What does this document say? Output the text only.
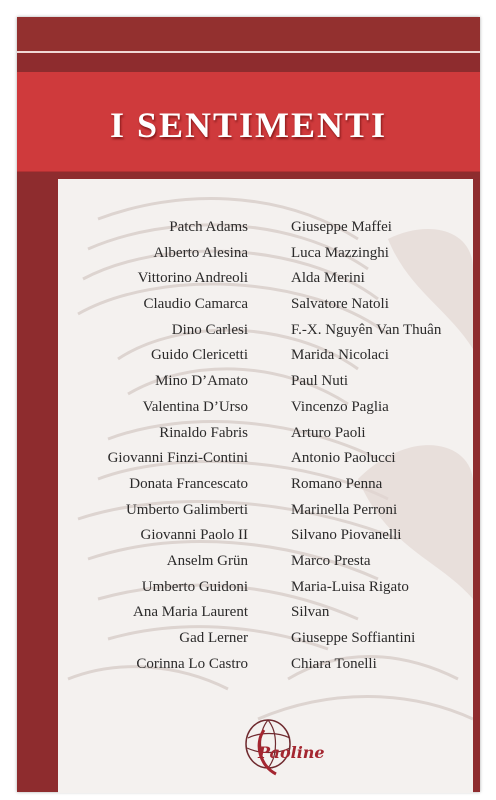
I SENTIMENTI
Patch Adams	Giuseppe Maffei
Alberto Alesina	Luca Mazzinghi
Vittorino Andreoli	Alda Merini
Claudio Camarca	Salvatore Natoli
Dino Carlesi	F.-X. Nguyên Van Thuân
Guido Clericetti	Marida Nicolaci
Mino D’Amato	Paul Nuti
Valentina D’Urso	Vincenzo Paglia
Rinaldo Fabris	Arturo Paoli
Giovanni Finzi-Contini	Antonio Paolucci
Donata Francescato	Romano Penna
Umberto Galimberti	Marinella Perroni
Giovanni Paolo II	Silvano Piovanelli
Anselm Grün	Marco Presta
Umberto Guidoni	Maria-Luisa Rigato
Ana Maria Laurent	Silvan
Gad Lerner	Giuseppe Soffiantini
Corinna Lo Castro	Chiara Tonelli
Paoline
